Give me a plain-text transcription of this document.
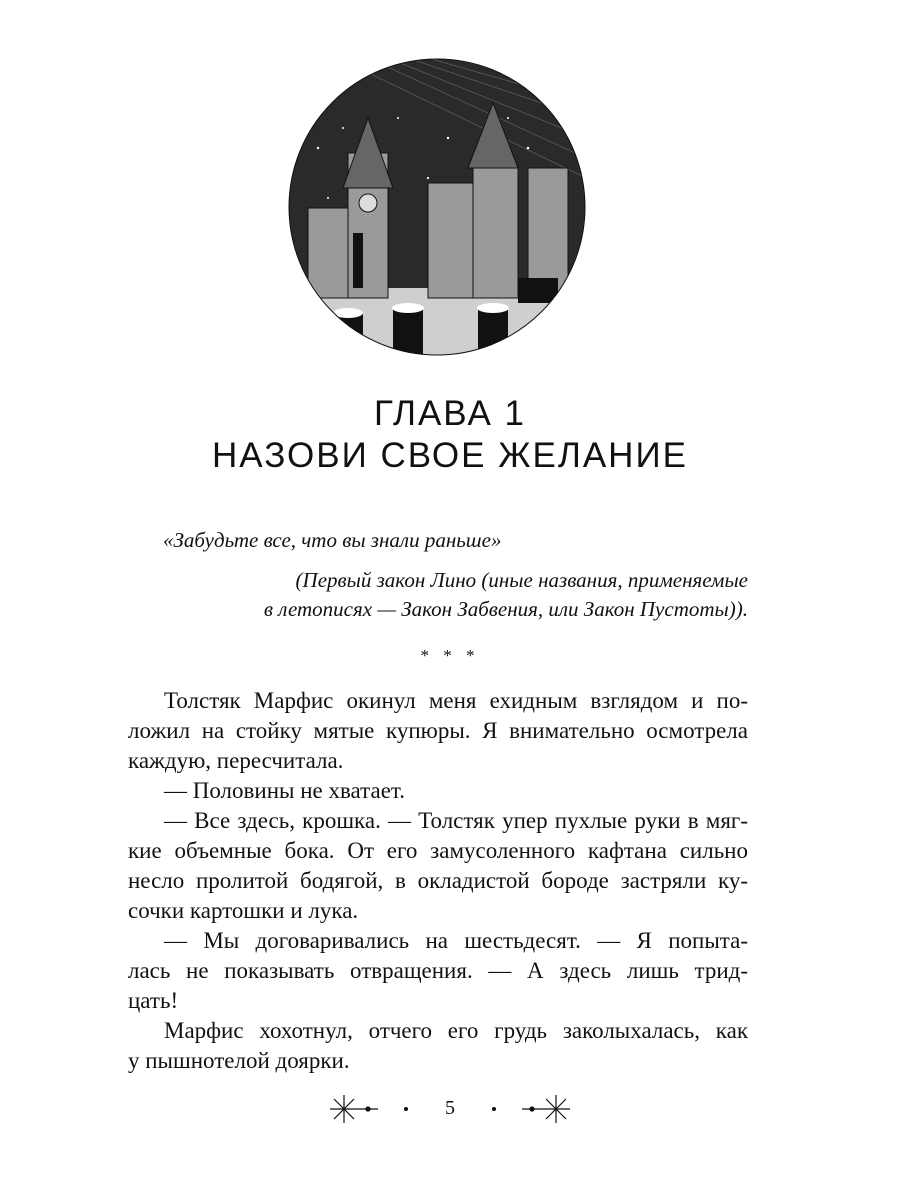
ГЛАВА 1
НАЗОВИ СВОЕ ЖЕЛАНИЕ

«Забудьте все, что вы знали раньше»

(Первый закон Лино (иные названия, применяемые

в летописях — Закон Забвения, или Закон Пустоты)).

* * *

Толстяк Марфис окинул меня ехидным взглядом и по-
ложил на стойку мятые купюры. Я внимательно осмотрела
каждую, пересчитала.
— Половины не хватает.
— Все здесь, крошка. — Толстяк упер пухлые руки в мяг-
кие объемные бока. От его замусоленного кафтана сильно
несло пролитой бодягой, в окладистой бороде застряли ку-
сочки картошки и лука.
— Мы договаривались на шестьдесят. — Я попыта-
лась не показывать отвращения. — А здесь лишь трид-
цать!
Марфис хохотнул, отчего его грудь заколыхалась, как
у пышнотелой доярки.

5
